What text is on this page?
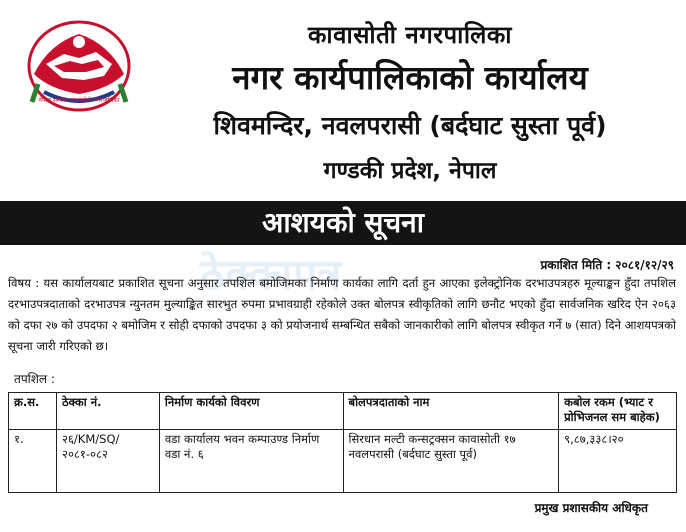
नेपाल सरकार कावासोती नगरपालिका
कावासोती नगरपालिका
नगर कार्यपालिकाको कार्यालय
शिवमन्दिर, नवलपरासी (बर्दघाट सुस्ता पूर्व)
गण्डकी प्रदेश, नेपाल
आशयको सूचना
ठेक्कापत्र	प्रकाशित मिति : २०८१/१२/२९
विषय : यस कार्यालयबाट प्रकाशित सूचना अनुसार तपशिल बमोजिमका निर्माण कार्यका लागि दर्ता हुन आएका इलेक्ट्रोनिक दरभाउपत्रहरु मूल्याङ्कन हुँदा तपशिल दरभाउपत्रदाताको दरभाउपत्र न्युनतम मुल्याङ्कित सारभुत रुपमा प्रभावग्राही रहेकोले उक्त बोलपत्र स्वीकृतिको लागि छनौट भएको हुँदा सार्वजनिक खरिद ऐन २०६३ को दफा २७ को उपदफा २ बमोजिम र सोही दफाको उपदफा ३ को प्रयोजनार्थ सम्बन्धित सबैको जानकारीको लागि बोलपत्र स्वीकृत गर्ने ७ (सात) दिने आशयपत्रको सूचना जारी गरिएको छ।
तपशिल :
क्र.स.	ठेक्का नं.	निर्माण कार्यको विवरण	बोलपत्रदाताको नाम	कबोल रकम (भ्याट र प्रोभिजनल सम बाहेक)
१.	२६/KM/SQ/ २०८१-०८२	वडा कार्यालय भवन कम्पाउण्ड निर्माण वडा नं. ६	सिरधान मल्टी कन्सट्रक्सन कावासोती १७ नवलपरासी (बर्दघाट सुस्ता पूर्व)	९,८७,३३८।२०
प्रमुख प्रशासकीय अधिकृत
